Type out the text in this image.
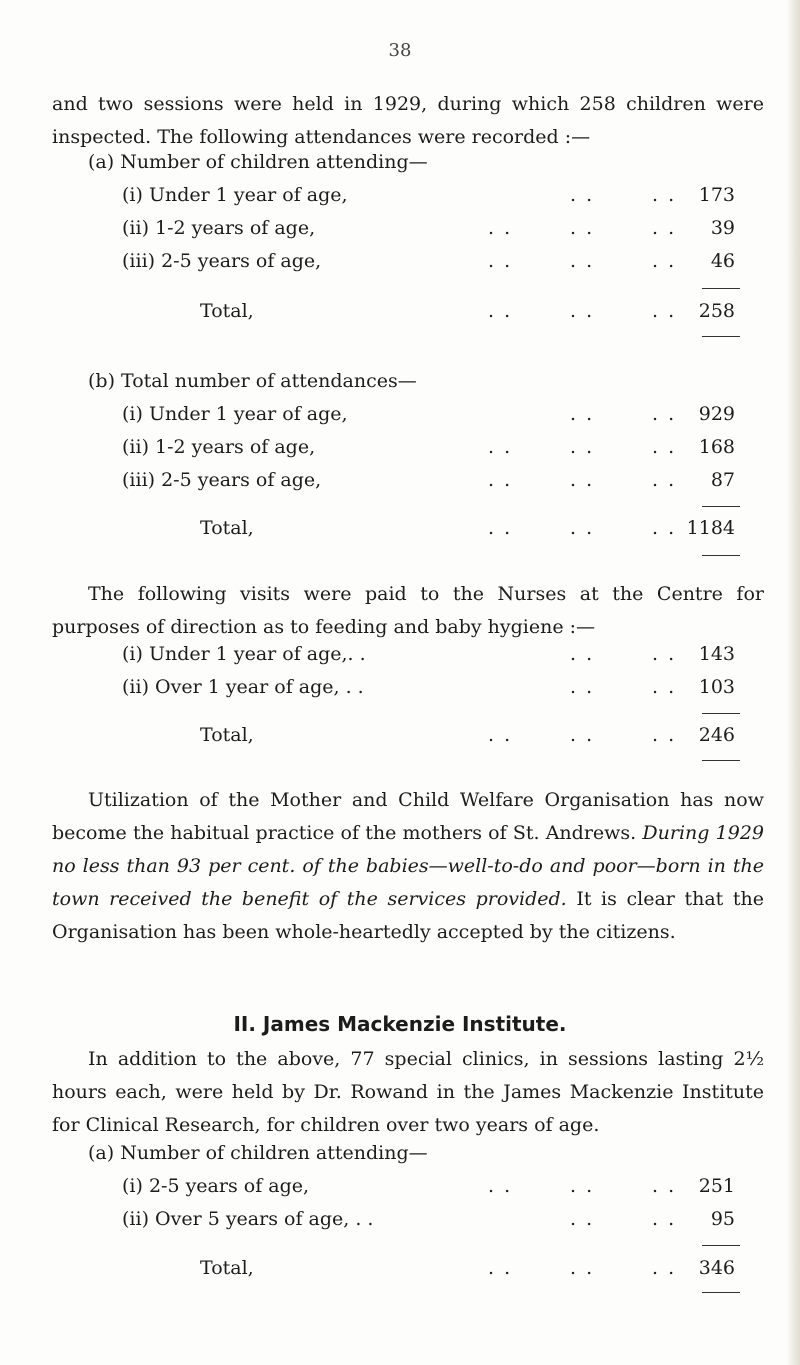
38

and two sessions were held in 1929, during which 258 children were inspected. The following attendances were recorded :—

(a) Number of children attending—
(i) Under 1 year of age,	. .	. . 173
(ii) 1-2 years of age,	. .	. .	. . 39
(iii) 2-5 years of age,	. .	. .	. . 46
Total,	. .	. .	. . 258
(b) Total number of attendances—
(i) Under 1 year of age,	. .	. . 929
(ii) 1-2 years of age,	. .	. .	. . 168
(iii) 2-5 years of age,	. .	. .	. . 87
Total,	. .	. .	. . 1184

The following visits were paid to the Nurses at the Centre for purposes of direction as to feeding and baby hygiene :—

(i) Under 1 year of age,. .	. .	. . 143
(ii) Over 1 year of age, . .	. .	. . 103
Total,	. .	. .	. . 246

Utilization of the Mother and Child Welfare Organisation has now become the habitual practice of the mothers of St. Andrews. During 1929 no less than 93 per cent. of the babies—well-to-do and poor—born in the town received the benefit of the services provided. It is clear that the Organisation has been whole-heartedly accepted by the citizens.

II. James Mackenzie Institute.

In addition to the above, 77 special clinics, in sessions lasting 2½ hours each, were held by Dr. Rowand in the James Mackenzie Institute for Clinical Research, for children over two years of age.

(a) Number of children attending—
(i) 2-5 years of age,	. .	. .	. . 251
(ii) Over 5 years of age, . .	. .	. . 95
Total,	. .	. .	. . 346
